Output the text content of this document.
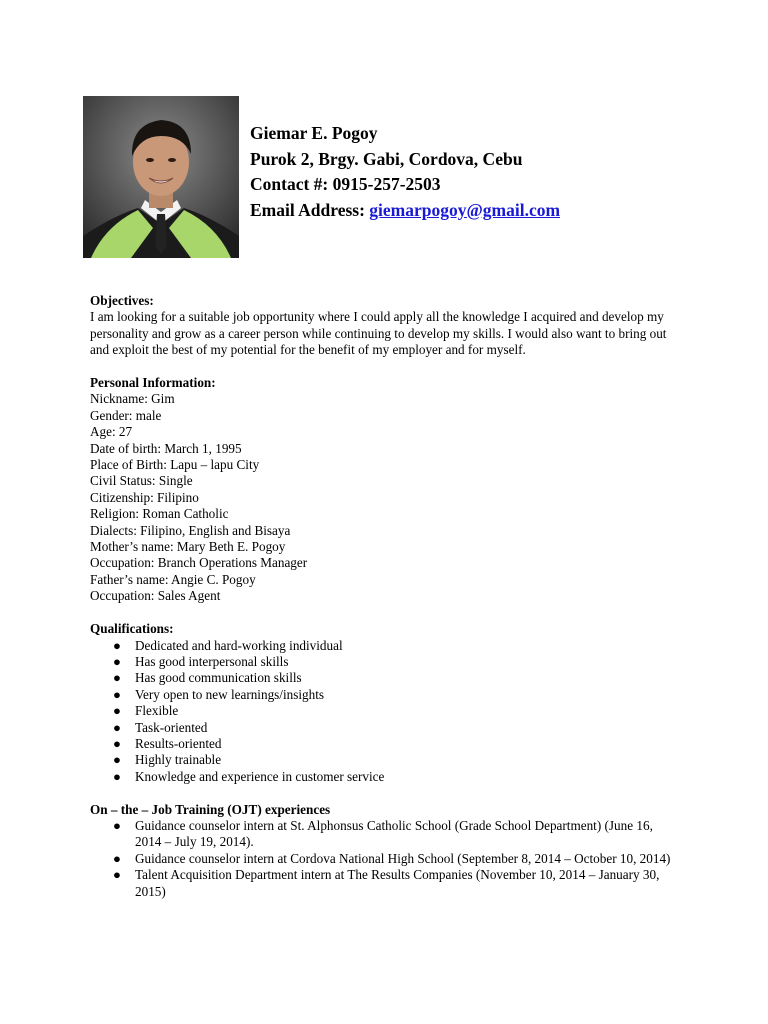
Giemar E. Pogoy
Purok 2, Brgy. Gabi, Cordova, Cebu
Contact #: 0915-257-2503
Email Address: giemarpogoy@gmail.com
Objectives:

I am looking for a suitable job opportunity where I could apply all the knowledge I acquired and develop my personality and grow as a career person while continuing to develop my skills. I would also want to bring out and exploit the best of my potential for the benefit of my employer and for myself.

Personal Information:
Nickname: Gim
Gender: male
Age: 27
Date of birth: March 1, 1995
Place of Birth: Lapu – lapu City
Civil Status: Single
Citizenship: Filipino
Religion: Roman Catholic
Dialects: Filipino, English and Bisaya
Mother’s name: Mary Beth E. Pogoy
Occupation: Branch Operations Manager
Father’s name: Angie C. Pogoy
Occupation: Sales Agent
Qualifications:
● Dedicated and hard-working individual
● Has good interpersonal skills
● Has good communication skills
● Very open to new learnings/insights
● Flexible
● Task-oriented
● Results-oriented
● Highly trainable
● Knowledge and experience in customer service
On – the – Job Training (OJT) experiences
● Guidance counselor intern at St. Alphonsus Catholic School (Grade School Department) (June 16, 2014 – July 19, 2014).
● Guidance counselor intern at Cordova National High School (September 8, 2014 – October 10, 2014)
● Talent Acquisition Department intern at The Results Companies (November 10, 2014 – January 30, 2015)
